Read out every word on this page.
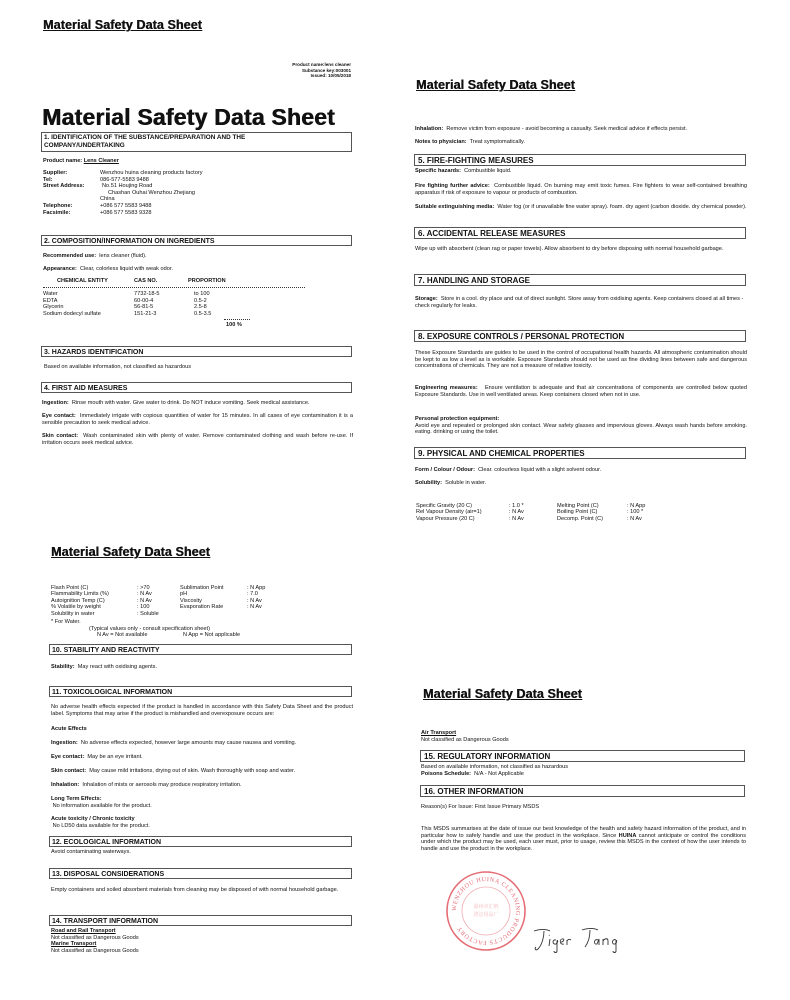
Material Safety Data Sheet
Product name:lens cleaner
Substance key:003001
Issued: 10/05/2018
Material Safety Data Sheet
1. IDENTIFICATION OF THE SUBSTANCE/PREPARATION AND THE
COMPANY/UNDERTAKING
Product name: Lens Cleaner
Supplier:	Wenzhou huina cleaning products factory
Tel:	086-577-5583 9488
Street Address:	No.51 Houjing Road
	Chashan Ouhai Wenzhou Zhejiang
	China
Telephone:	+086 577 5583 9488
Facsimile:	+086 577 5583 9328
2. COMPOSITION/INFORMATION ON INGREDIENTS
Recommended use: lens cleaner (fluid).
Appearance: Clear, colorless liquid with weak odor.
CHEMICAL ENTITY	CAS NO.	PROPORTION
Water	7732-18-5	to 100
EDTA	60-00-4	0.5-2
Glycerin	56-81-5	2.5-8
Sodium dodecyl sulfate	151-21-3	0.5-3.5
100 %
3. HAZARDS IDENTIFICATION
Based on available information, not classified as hazardous
4. FIRST AID MEASURES
Ingestion: Rinse mouth with water. Give water to drink. Do NOT induce vomiting. Seek medical assistance.
Eye contact: Immediately irrigate with copious quantities of water for 15 minutes. In all cases of eye contamination it is a sensible precaution to seek medical advice.
Skin contact: Wash contaminated skin with plenty of water. Remove contaminated clothing and wash before re-use. If irritation occurs seek medical advice.
Material Safety Data Sheet
Inhalation: Remove victim from exposure - avoid becoming a casualty. Seek medical advice if effects persist.
Notes to physician: Treat symptomatically.
5. FIRE-FIGHTING MEASURES
Specific hazards: Combustible liquid.
Fire fighting further advice: Combustible liquid. On burning may emit toxic fumes. Fire fighters to wear self-contained breathing apparatus if risk of exposure to vapour or products of combustion.
Suitable extinguishing media: Water fog (or if unavailable fine water spray). foam. dry agent (carbon dioxide. dry chemical powder).
6. ACCIDENTAL RELEASE MEASURES
Wipe up with absorbent (clean rag or paper towels). Allow absorbent to dry before disposing with normal household garbage.
7. HANDLING AND STORAGE
Storage: Store in a cool. dry place and out of direct sunlight. Store away from oxidising agents. Keep containers closed at all times - check regularly for leaks.
8. EXPOSURE CONTROLS / PERSONAL PROTECTION
These Exposure Standards are guides to be used in the control of occupational health hazards. All atmospheric contamination should be kept to as low a level as is workable. Exposure Standards should not be used as fine dividing lines between safe and dangerous concentrations of chemicals. They are not a measure of relative toxicity.
Engineering measures: Ensure ventilation is adequate and that air concentrations of components are controlled below quoted Exposure Standards. Use in well ventilated areas. Keep containers closed when not in use.
Personal protection equipment:
Avoid eye and repeated or prolonged skin contact. Wear safety glasses and impervious gloves. Always wash hands before smoking. eating. drinking or using the toilet.
9. PHYSICAL AND CHEMICAL PROPERTIES
Form / Colour / Odour: Clear. colourless liquid with a slight solvent odour.
Solubility: Soluble in water.
Specific Gravity (20 C)	: 1.0 *	Melting Point (C)	: N App
Rel Vapour Density (air=1)	: N Av	Boiling Point (C)	: 100 *
Vapour Pressure (20 C)	: N Av	Decomp. Point (C)	: N Av
Material Safety Data Sheet
Flash Point (C)	: >70	Sublimation Point	: N App
Flammability Limits (%)	: N Av	pH	: 7.0
Autoignition Temp (C)	: N Av	Viscosity	: N Av
% Volatile by weight	: 100	Evaporation Rate	: N Av
Solubility in water	: Soluble
* For Water.
(Typical values only - consult specification sheet)
N Av = Not available	N App = Not applicable
10. STABILITY AND REACTIVITY
Stability: May react with oxidising agents.
11. TOXICOLOGICAL INFORMATION
No adverse health effects expected if the product is handled in accordance with this Safety Data Sheet and the product label. Symptoms that may arise if the product is mishandled and overexposure occurs are:
Acute Effects
Ingestion: No adverse effects expected, however large amounts may cause nausea and vomiting.
Eye contact: May be an eye irritant.
Skin contact: May cause mild irritations, drying out of skin. Wash thoroughly with soap and water.
Inhalation: Inhalation of mists or aerosols may produce respiratory irritation.
Long Term Effects:
No information available for the product.
Acute toxicity / Chronic toxicity
No LD50 data available for the product.
12. ECOLOGICAL INFORMATION
Avoid contaminating waterways.
13. DISPOSAL CONSIDERATIONS
Empty containers and soiled absorbent materials from cleaning may be disposed of with normal household garbage.
14. TRANSPORT INFORMATION
Road and Rail Transport
Not classified as Dangerous Goods
Marine Transport
Not classified as Dangerous Goods
Material Safety Data Sheet
Air Transport
Not classified as Dangerous Goods
15. REGULATORY INFORMATION
Based on available information, not classified as hazardous
Poisons Schedule: N/A - Not Applicable
16. OTHER INFORMATION
Reason(s) For Issue: First Issue Primary MSDS
This MSDS summarises at the date of issue our best knowledge of the health and safety hazard information of the product, and in particular how to safely handle and use the product in the workplace. Since HUINA cannot anticipate or control the conditions under which the product may be used, each user must, prior to usage, review this MSDS in the context of how the user intends to handle and use the product in the workplace.
WENZHOU HUINA CLEANING PRODUCTS FACTORY
温州市汇纳
清洁用品厂
